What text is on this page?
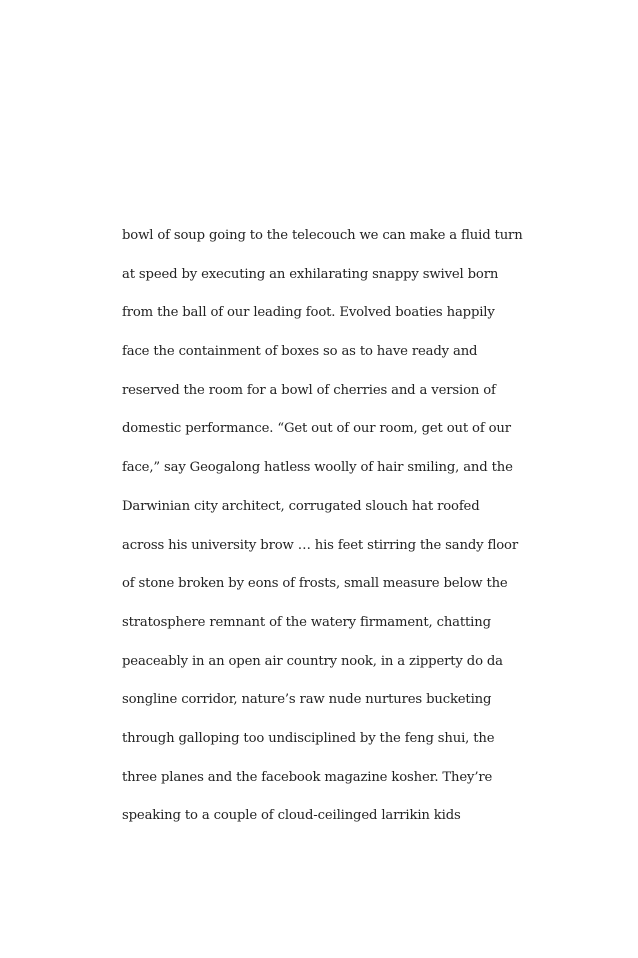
bowl of soup going to the telecouch we can make a fluid turn
at speed by executing an exhilarating snappy swivel born
from the ball of our leading foot. Evolved boaties happily
face the containment of boxes so as to have ready and
reserved the room for a bowl of cherries and a version of
domestic performance. “Get out of our room, get out of our
face,” say Geogalong hatless woolly of hair smiling, and the
Darwinian city architect, corrugated slouch hat roofed
across his university brow … his feet stirring the sandy floor
of stone broken by eons of frosts, small measure below the
stratosphere remnant of the watery firmament, chatting
peaceably in an open air country nook, in a zipperty do da
songline corridor, nature’s raw nude nurtures bucketing
through galloping too undisciplined by the feng shui, the
three planes and the facebook magazine kosher. They’re
speaking to a couple of cloud-ceilinged larrikin kids
